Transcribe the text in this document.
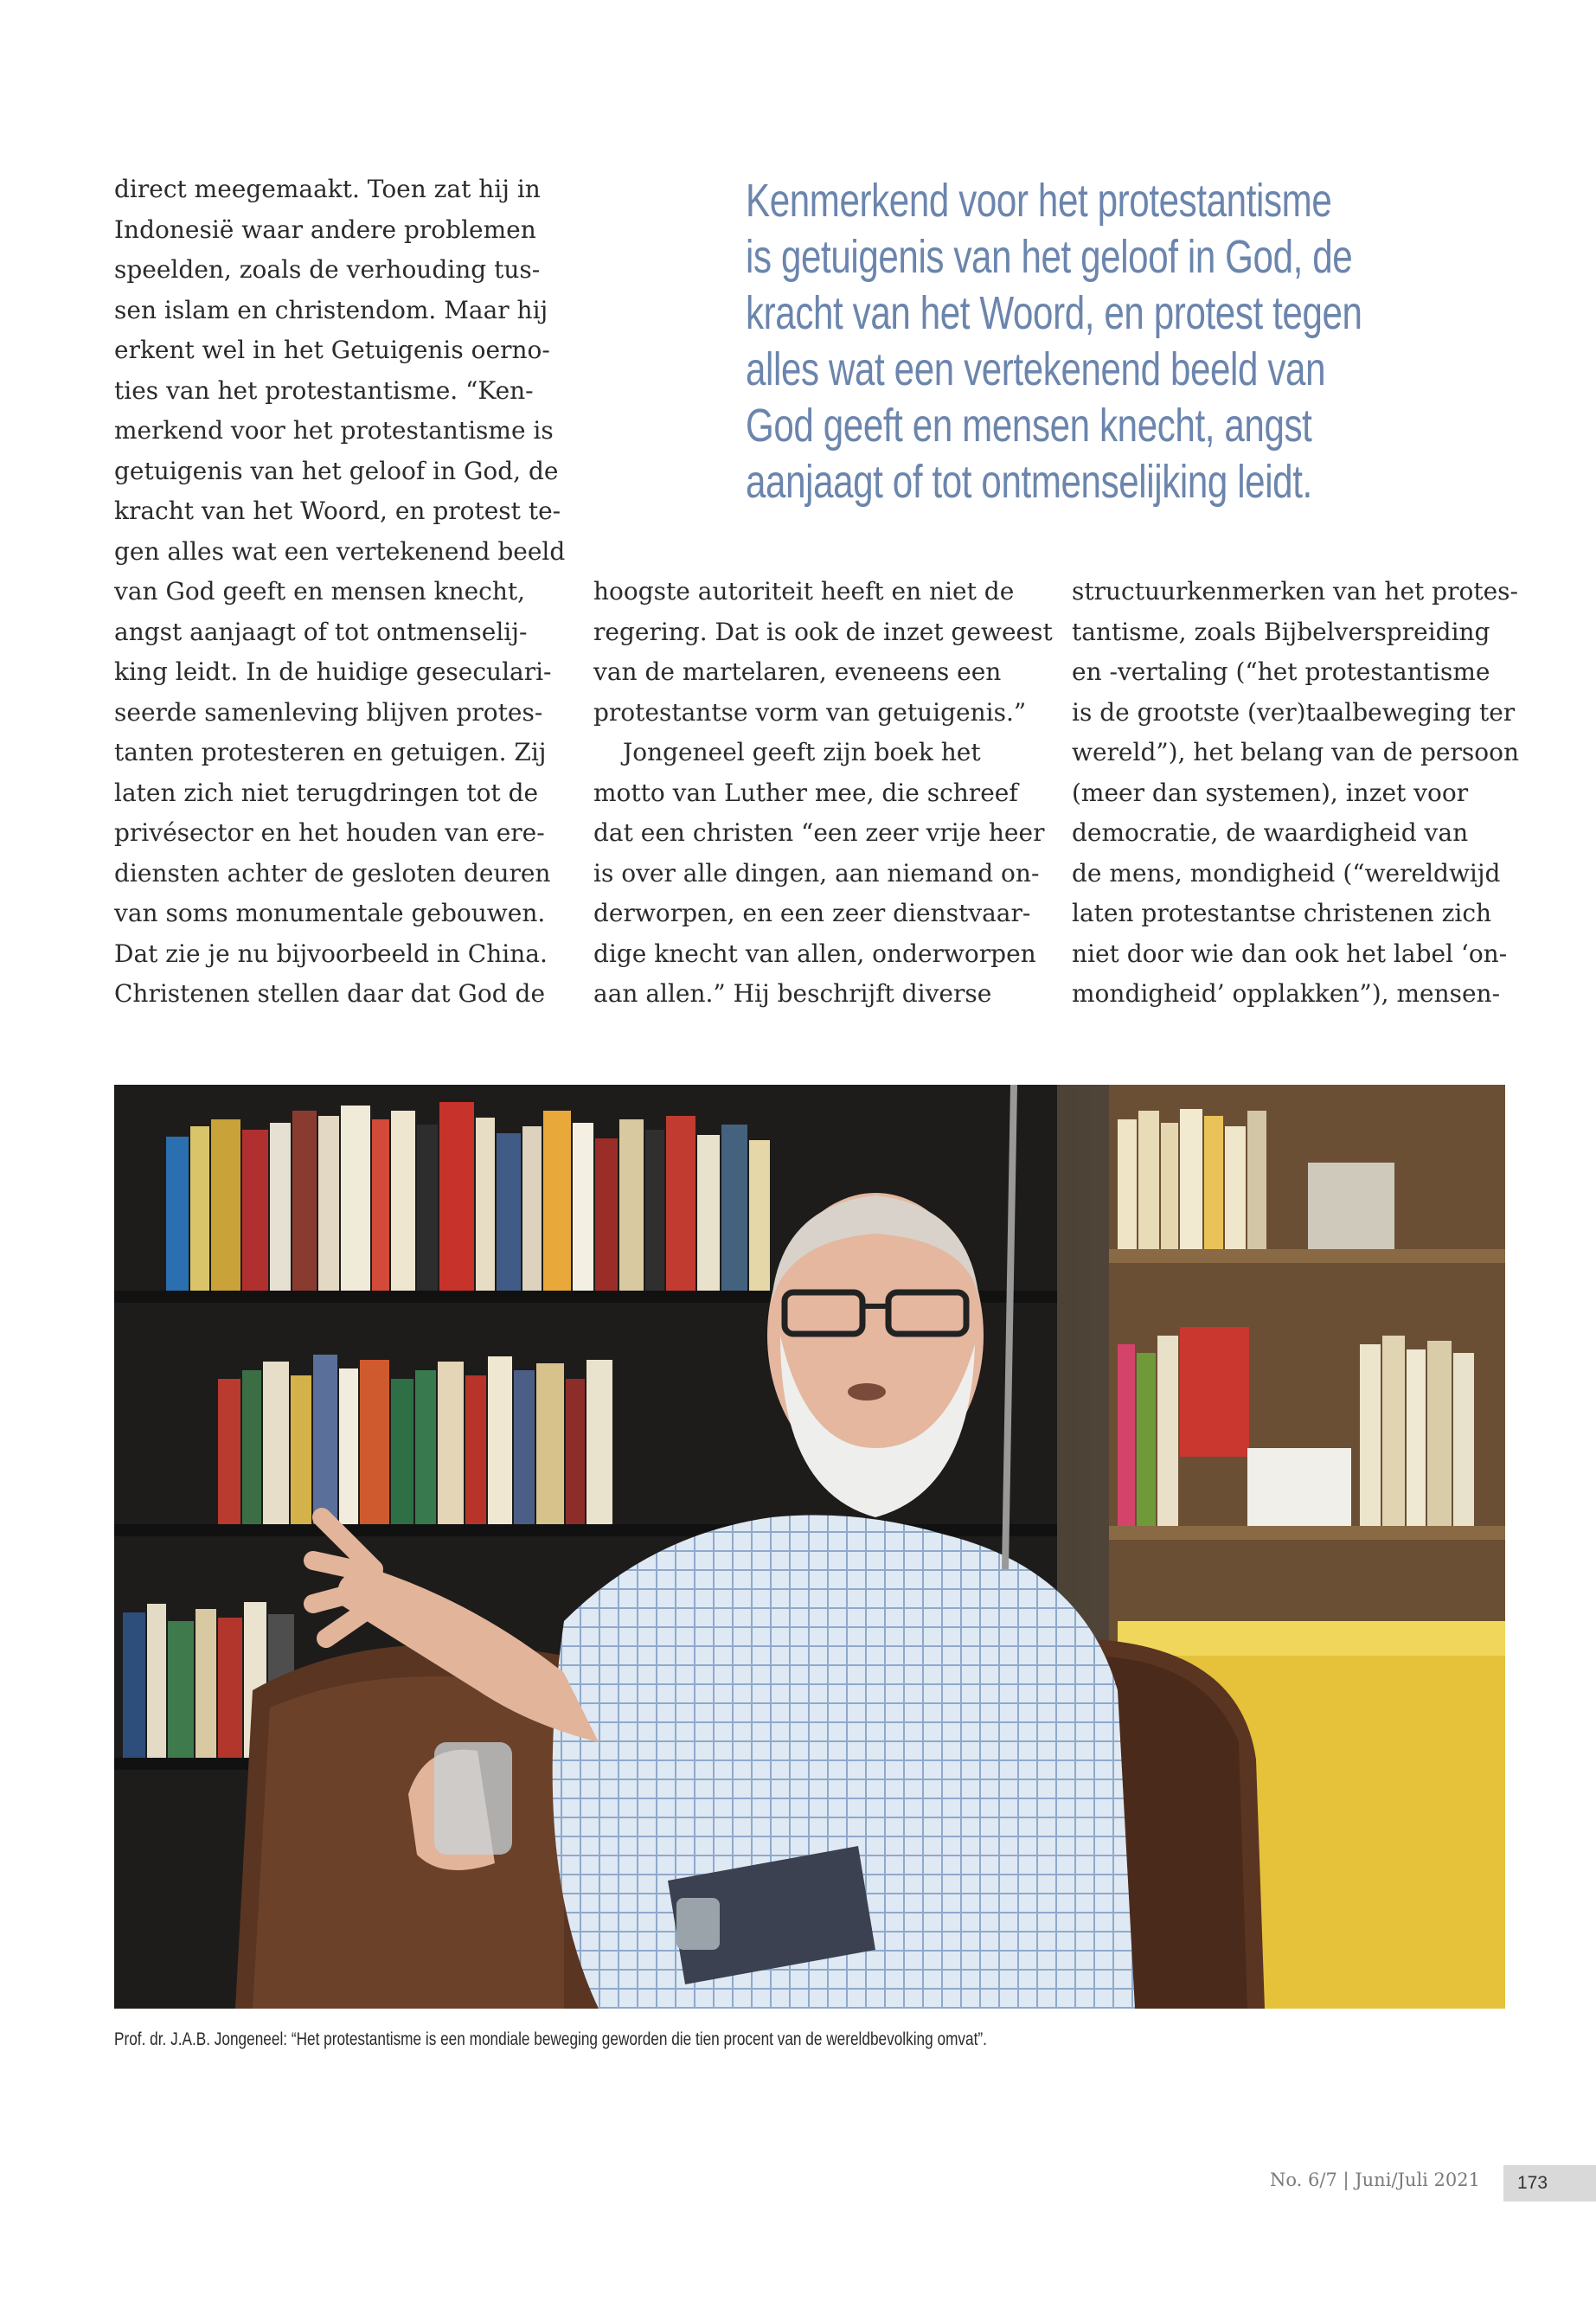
direct meegemaakt. Toen zat hij in

Indonesië waar andere problemen

speelden, zoals de verhouding tus-

sen islam en christendom. Maar hij

erkent wel in het Getuigenis oerno-

ties van het protestantisme. “Ken-

merkend voor het protestantisme is

getuigenis van het geloof in God, de

kracht van het Woord, en protest te-

gen alles wat een vertekenend beeld

van God geeft en mensen knecht,

angst aanjaagt of tot ontmenselij-

king leidt. In de huidige geseculari-

seerde samenleving blijven protes-

tanten protesteren en getuigen. Zij

laten zich niet terugdringen tot de

privésector en het houden van ere-

diensten achter de gesloten deuren

van soms monumentale gebouwen.

Dat zie je nu bijvoorbeeld in China.

Christenen stellen daar dat God de

Kenmerkend voor het protestantisme

is getuigenis van het geloof in God, de

kracht van het Woord, en protest tegen

alles wat een vertekenend beeld van

God geeft en mensen knecht, angst

aanjaagt of tot ontmenselijking leidt.

hoogste autoriteit heeft en niet de

regering. Dat is ook de inzet geweest

van de martelaren, eveneens een

protestantse vorm van getuigenis.”

Jongeneel geeft zijn boek het

motto van Luther mee, die schreef

dat een christen “een zeer vrije heer

is over alle dingen, aan niemand on-

derworpen, en een zeer dienstvaar-

dige knecht van allen, onderworpen

aan allen.” Hij beschrijft diverse

structuurkenmerken van het protes-

tantisme, zoals Bijbelverspreiding

en -vertaling (“het protestantisme

is de grootste (ver)taalbeweging ter

wereld”), het belang van de persoon

(meer dan systemen), inzet voor

democratie, de waardigheid van

de mens, mondigheid (“wereldwijd

laten protestantse christenen zich

niet door wie dan ook het label ‘on-

mondigheid’ opplakken”), mensen-

Prof. dr. J.A.B. Jongeneel: “Het protestantisme is een mondiale beweging geworden die tien procent van de wereldbevolking omvat”.
No. 6/7 | Juni/Juli 2021	173
